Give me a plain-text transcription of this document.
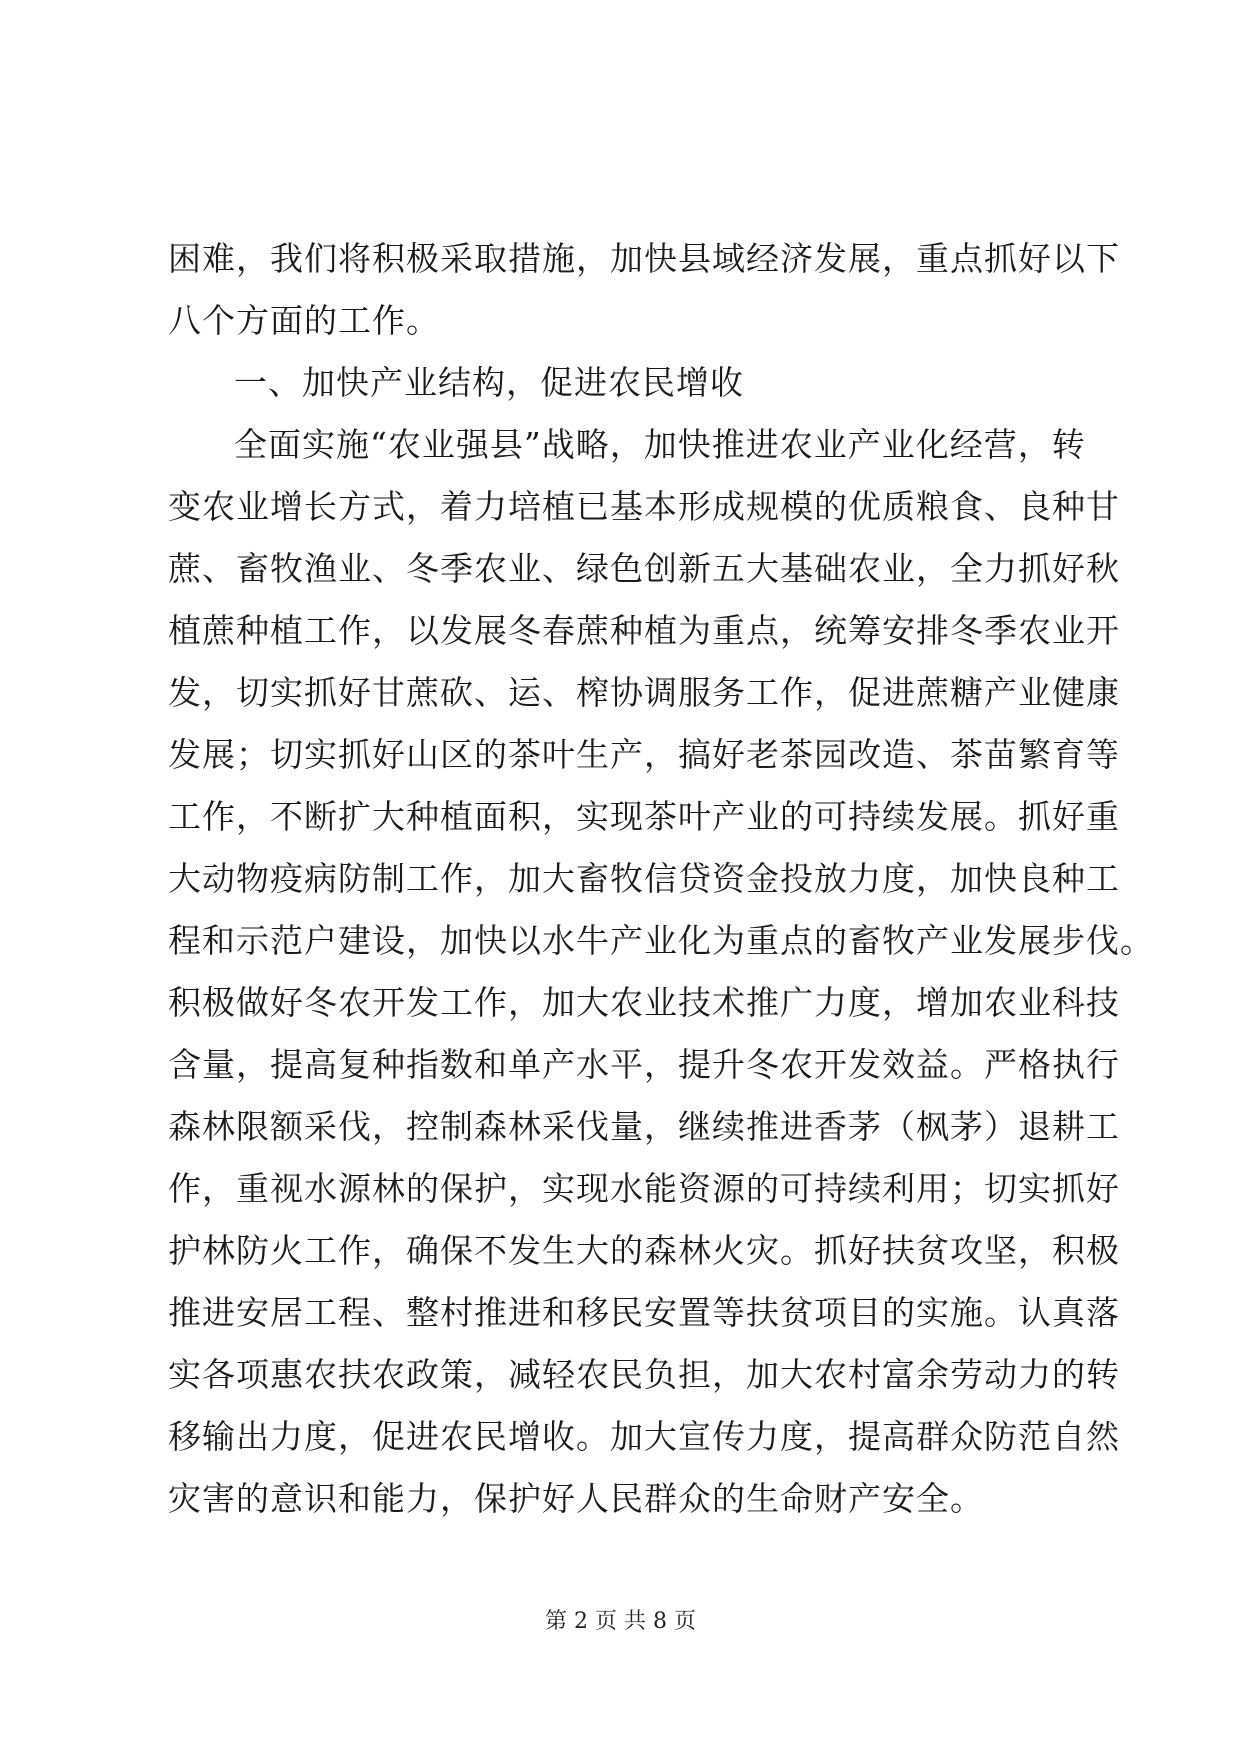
困难，我们将积极采取措施，加快县域经济发展，重点抓好以下
八个方面的工作。
一、加快产业结构，促进农民增收
全面实施“农业强县”战略，加快推进农业产业化经营，转
变农业增长方式，着力培植已基本形成规模的优质粮食、良种甘
蔗、畜牧渔业、冬季农业、绿色创新五大基础农业，全力抓好秋
植蔗种植工作，以发展冬春蔗种植为重点，统筹安排冬季农业开
发，切实抓好甘蔗砍、运、榨协调服务工作，促进蔗糖产业健康
发展；切实抓好山区的茶叶生产，搞好老茶园改造、茶苗繁育等
工作，不断扩大种植面积，实现茶叶产业的可持续发展。抓好重
大动物疫病防制工作，加大畜牧信贷资金投放力度，加快良种工
程和示范户建设，加快以水牛产业化为重点的畜牧产业发展步伐。
积极做好冬农开发工作，加大农业技术推广力度，增加农业科技
含量，提高复种指数和单产水平，提升冬农开发效益。严格执行
森林限额采伐，控制森林采伐量，继续推进香茅（枫茅）退耕工
作，重视水源林的保护，实现水能资源的可持续利用；切实抓好
护林防火工作，确保不发生大的森林火灾。抓好扶贫攻坚，积极
推进安居工程、整村推进和移民安置等扶贫项目的实施。认真落
实各项惠农扶农政策，减轻农民负担，加大农村富余劳动力的转
移输出力度，促进农民增收。加大宣传力度，提高群众防范自然
灾害的意识和能力，保护好人民群众的生命财产安全。
第 2 页 共 8 页
